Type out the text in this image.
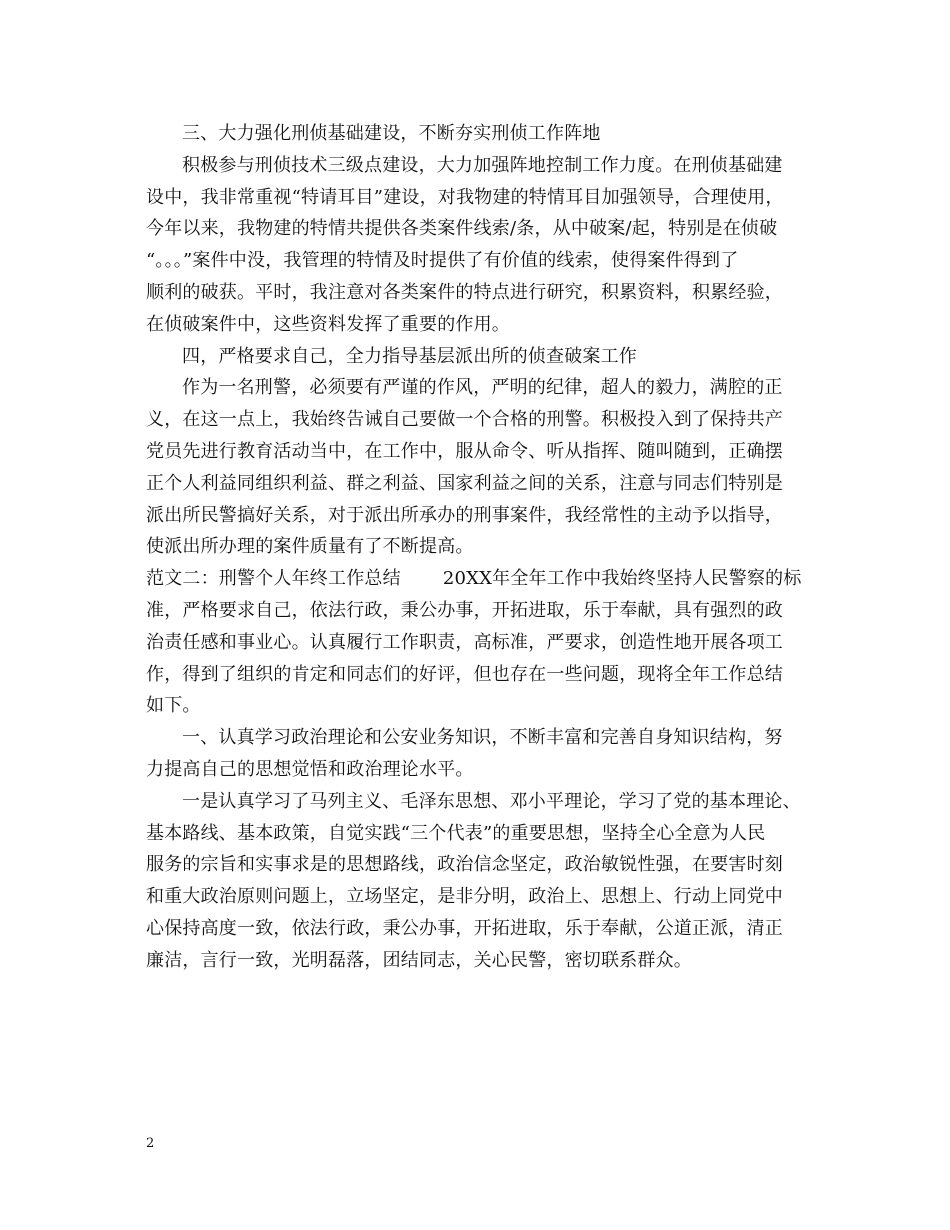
三、大力强化刑侦基础建设，不断夯实刑侦工作阵地
积极参与刑侦技术三级点建设，大力加强阵地控制工作力度。在刑侦基础建
设中，我非常重视“特请耳目”建设，对我物建的特情耳目加强领导，合理使用，
今年以来，我物建的特情共提供各类案件线索/条，从中破案/起，特别是在侦破
“。。。”案件中没，我管理的特情及时提供了有价值的线索，使得案件得到了
顺利的破获。平时，我注意对各类案件的特点进行研究，积累资料，积累经验，
在侦破案件中，这些资料发挥了重要的作用。
四，严格要求自己，全力指导基层派出所的侦查破案工作
作为一名刑警，必须要有严谨的作风，严明的纪律，超人的毅力，满腔的正
义，在这一点上，我始终告诫自己要做一个合格的刑警。积极投入到了保持共产
党员先进行教育活动当中，在工作中，服从命令、听从指挥、随叫随到，正确摆
正个人利益同组织利益、群之利益、国家利益之间的关系，注意与同志们特别是
派出所民警搞好关系，对于派出所承办的刑事案件，我经常性的主动予以指导，
使派出所办理的案件质量有了不断提高。
范文二：刑警个人年终工作总结 20XX年全年工作中我始终坚持人民警察的标
准，严格要求自己，依法行政，秉公办事，开拓进取，乐于奉献，具有强烈的政
治责任感和事业心。认真履行工作职责，高标准，严要求，创造性地开展各项工
作，得到了组织的肯定和同志们的好评，但也存在一些问题，现将全年工作总结
如下。
一、认真学习政治理论和公安业务知识，不断丰富和完善自身知识结构，努
力提高自己的思想觉悟和政治理论水平。
一是认真学习了马列主义、毛泽东思想、邓小平理论，学习了党的基本理论、
基本路线、基本政策，自觉实践“三个代表”的重要思想，坚持全心全意为人民
服务的宗旨和实事求是的思想路线，政治信念坚定，政治敏锐性强，在要害时刻
和重大政治原则问题上，立场坚定，是非分明，政治上、思想上、行动上同党中
心保持高度一致，依法行政，秉公办事，开拓进取，乐于奉献，公道正派，清正
廉洁，言行一致，光明磊落，团结同志，关心民警，密切联系群众。
2
